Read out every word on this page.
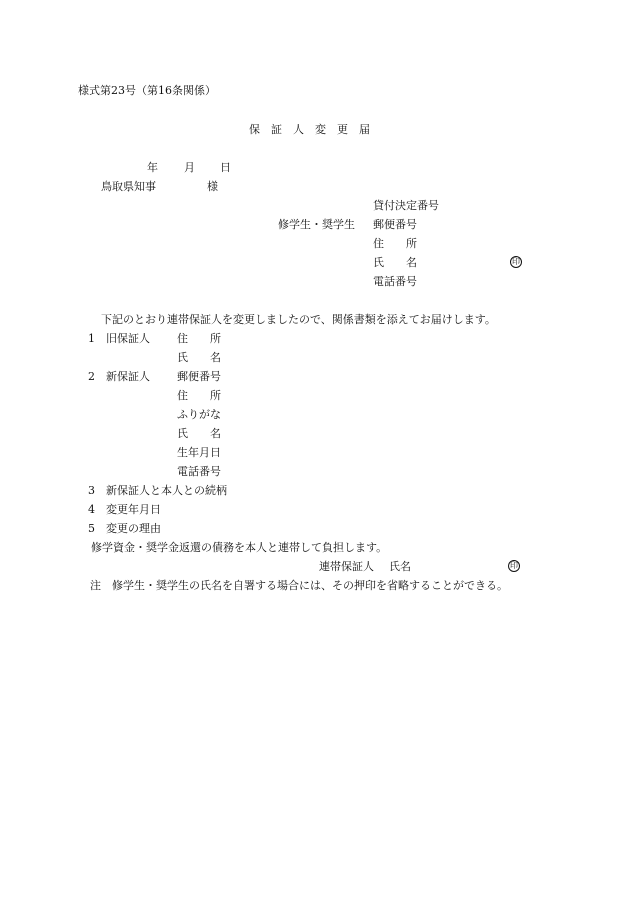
様式第23号（第16条関係）
保　証　人　変　更　届
年 月 日
鳥取県知事	様
貸付決定番号
修学生・奨学生 郵便番号
住　　所
氏　　名	印
電話番号
下記のとおり連帯保証人を変更しましたので、関係書類を添えてお届けします。
1 旧保証人 住　　所
氏　　名
2 新保証人 郵便番号
住　　所
ふりがな
氏　　名
生年月日
電話番号
3 新保証人と本人との続柄
4 変更年月日
5 変更の理由
修学資金・奨学金返還の債務を本人と連帯して負担します。
連帯保証人 氏名	印
注　修学生・奨学生の氏名を自署する場合には、その押印を省略することができる。
